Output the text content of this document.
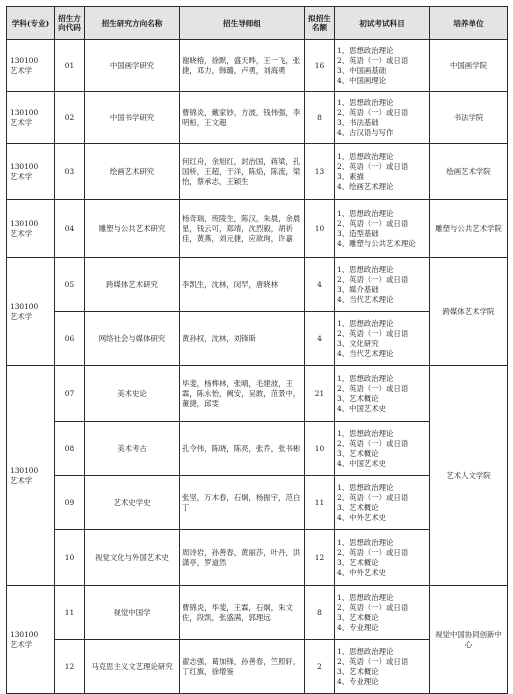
学科(专业)	招生方向代码	招生研究方向名称	招生导师组	拟招生名额	初试考试科目	培养单位

130100
艺术学	01	中国画学研究	谢晓榕，徐默，盛天晔，王一飞，张捷，邓力，韩璐，卢勇，刘海勇	16	1、思想政治理论
2、英语（一）或日语
3、中国画基础
4、中国画理论	中国画学院

130100
艺术学	02	中国书学研究	曹锦炎，戴家妙，方波，钱伟强，李明桓，王文超	8	1、思想政治理论
2、英语（一）或日语
3、书法基础
4、古汉语与写作	书法学院

130100
艺术学	03	绘画艺术研究	何红舟，余旭红，封治国，蒋梁，孔国桥，王超，于洋，陈焰，陈流，梁怡，蔡承志，王颖生	13	1、思想政治理论
2、英语（一）或日语
3、素描
4、绘画艺术理论	绘画艺术学院

130100
艺术学	04	雕塑与公共艺术研究	杨奇瑞，班陵生，陈汉，朱晨，余晨星，钱云可，郑靖，沈烈毅，胡祈佳，黄燕，刘元捷，应歆珣，许嘉	10	1、思想政治理论
2、英语（一）或日语
3、造型基础
4、雕塑与公共艺术理论	雕塑与公共艺术学院

130100
艺术学	05	跨媒体艺术研究	李凯生，沈林，闵罕，唐晓林	4	1、思想政治理论
2、英语（一）或日语
3、媒介基础
4、当代艺术理论	跨媒体艺术学院
	06	网络社会与媒体研究	黄孙权，沈林，刘锋斯	4	1、思想政治理论
2、英语（一）或日语
3、文化研究
4、当代艺术理论	

130100
艺术学	07	美术史论	毕斐，杨桦林，张晴，毛建波，王霖，陈永怡，阙安，吴敢，范景中，董捷，邱雯	21	1、思想政治理论
2、英语（一）或日语
3、艺术概论
4、中国艺术史	艺术人文学院
	08	美术考古	孔令伟，陈晓，陈亮，张乔，张书彬	10	1、思想政治理论
2、英语（一）或日语
3、艺术概论
4、中国艺术史	

	09	艺术史学史	张坚，万木春，石炯，杨振宇，范白丁	11	1、思想政治理论
2、英语（一）或日语
3、艺术概论
4、中外艺术史	

	10	视觉文化与外国艺术史	周诗岩，孙善春，黄丽莎，叶丹，洪潇亭，罗道然	12	1、思想政治理论
2、英语（一）或日语
3、艺术概论
4、中外艺术史	

130100
艺术学	11	视觉中国学	曹锦炎，毕斐，王霖，石炯，朱文佐，段凯，张盛满，郭理远	8	1、思想政治理论
2、英语（一）或日语
3、艺术概论
4、专业理论	视觉中国协同创新中心
	12	马克思主义文艺理论研究	翟志强，葛加锋，孙善春，竺照轩，丁红旗，徐增鉴	2	1、思想政治理论
2、英语（一）或日语
3、艺术概论
4、专业理论	
